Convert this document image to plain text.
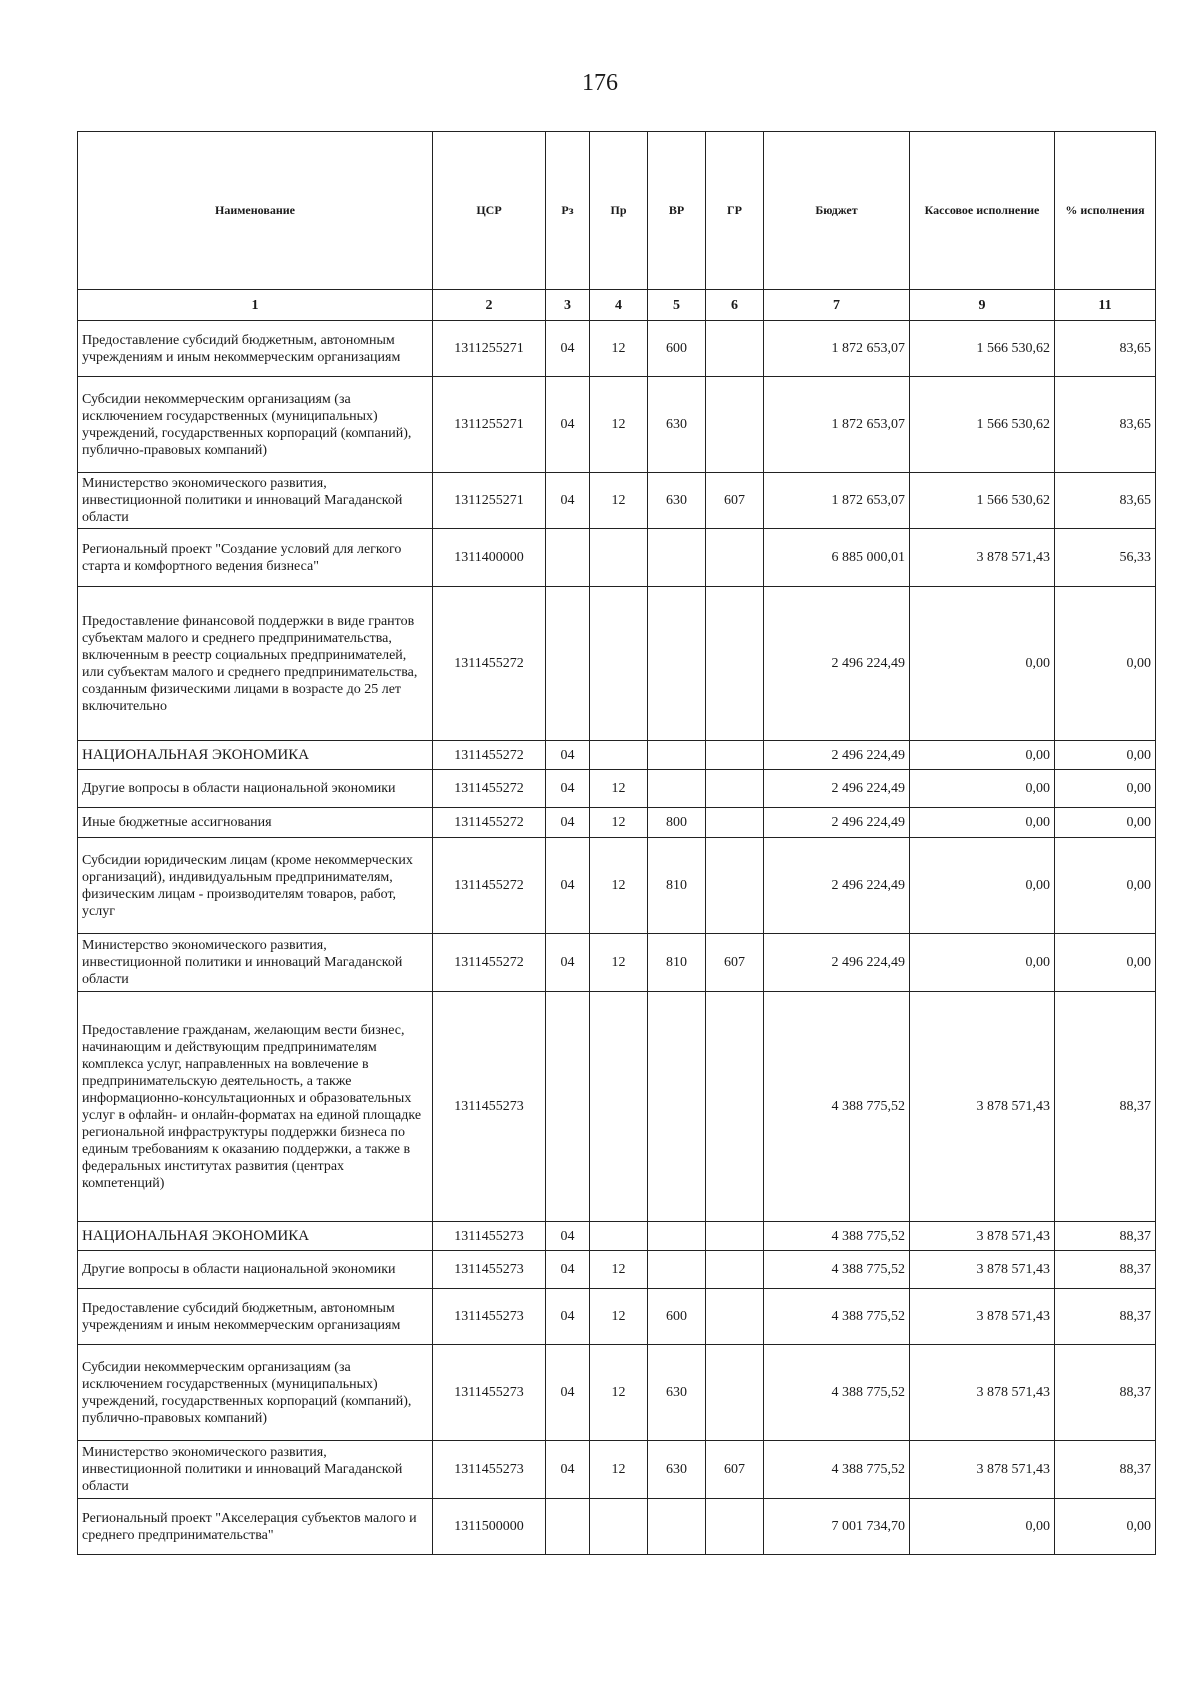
176
Наименование	ЦСР	Рз	Пр	ВР	ГР	Бюджет	Кассовое исполнение	% исполнения
1	2	3	4	5	6	7	9	11
Предоставление субсидий бюджетным, автономным учреждениям и иным некоммерческим организациям	1311255271	04	12	600		1 872 653,07	1 566 530,62	83,65
Субсидии некоммерческим организациям (за исключением государственных (муниципальных) учреждений, государственных корпораций (компаний), публично-правовых компаний)	1311255271	04	12	630		1 872 653,07	1 566 530,62	83,65
Министерство экономического развития, инвестиционной политики и инноваций Магаданской области	1311255271	04	12	630	607	1 872 653,07	1 566 530,62	83,65
Региональный проект "Создание условий для легкого старта и комфортного ведения бизнеса"	1311400000					6 885 000,01	3 878 571,43	56,33
Предоставление финансовой поддержки в виде грантов субъектам малого и среднего предпринимательства, включенным в реестр социальных предпринимателей, или субъектам малого и среднего предпринимательства, созданным физическими лицами в возрасте до 25 лет включительно	1311455272					2 496 224,49	0,00	0,00
НАЦИОНАЛЬНАЯ ЭКОНОМИКА	1311455272	04				2 496 224,49	0,00	0,00
Другие вопросы в области национальной экономики	1311455272	04	12			2 496 224,49	0,00	0,00
Иные бюджетные ассигнования	1311455272	04	12	800		2 496 224,49	0,00	0,00
Субсидии юридическим лицам (кроме некоммерческих организаций), индивидуальным предпринимателям, физическим лицам - производителям товаров, работ, услуг	1311455272	04	12	810		2 496 224,49	0,00	0,00
Министерство экономического развития, инвестиционной политики и инноваций Магаданской области	1311455272	04	12	810	607	2 496 224,49	0,00	0,00
Предоставление гражданам, желающим вести бизнес, начинающим и действующим предпринимателям комплекса услуг, направленных на вовлечение в предпринимательскую деятельность, а также информационно-консультационных и образовательных услуг в офлайн- и онлайн-форматах на единой площадке региональной инфраструктуры поддержки бизнеса по единым требованиям к оказанию поддержки, а также в федеральных институтах развития (центрах компетенций)	1311455273					4 388 775,52	3 878 571,43	88,37
НАЦИОНАЛЬНАЯ ЭКОНОМИКА	1311455273	04				4 388 775,52	3 878 571,43	88,37
Другие вопросы в области национальной экономики	1311455273	04	12			4 388 775,52	3 878 571,43	88,37
Предоставление субсидий бюджетным, автономным учреждениям и иным некоммерческим организациям	1311455273	04	12	600		4 388 775,52	3 878 571,43	88,37
Субсидии некоммерческим организациям (за исключением государственных (муниципальных) учреждений, государственных корпораций (компаний), публично-правовых компаний)	1311455273	04	12	630		4 388 775,52	3 878 571,43	88,37
Министерство экономического развития, инвестиционной политики и инноваций Магаданской области	1311455273	04	12	630	607	4 388 775,52	3 878 571,43	88,37
Региональный проект "Акселерация субъектов малого и среднего предпринимательства"	1311500000					7 001 734,70	0,00	0,00
